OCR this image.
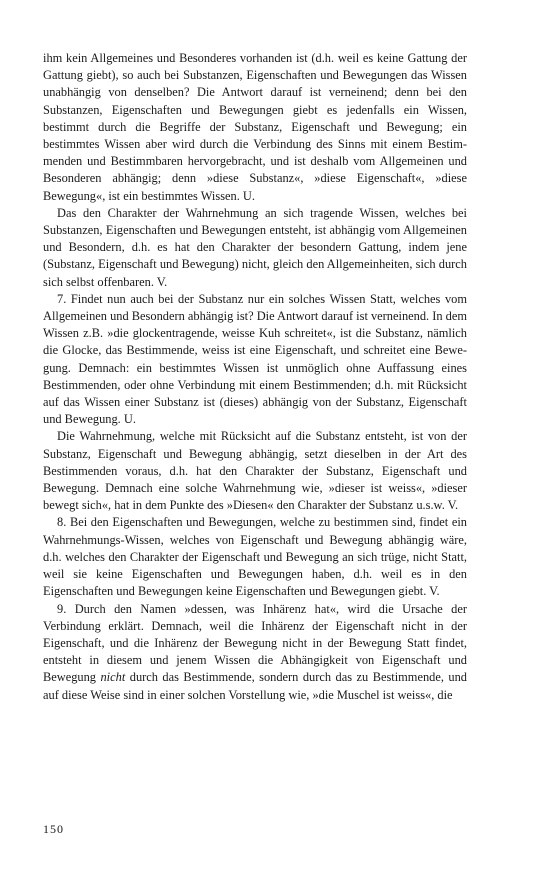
ihm kein Allgemeines und Besonderes vorhanden ist (d.h. weil es keine Gattung der Gattung giebt), so auch bei Substanzen, Eigenschaften und Bewegungen das Wissen unabhängig von denselben? Die Antwort darauf ist verneinend; denn bei den Substanzen, Eigenschaften und Bewegungen giebt es jedenfalls ein Wissen, bestimmt durch die Begriffe der Substanz, Eigenschaft und Bewegung; ein bestimmtes Wissen aber wird durch die Verbindung des Sinns mit einem Bestimmenden und Bestimmbaren hervorgebracht, und ist deshalb vom Allgemeinen und Besonderen abhängig; denn »diese Substanz«, »diese Eigenschaft«, »diese Bewegung«, ist ein bestimmtes Wissen. U.

Das den Charakter der Wahrnehmung an sich tragende Wissen, welches bei Substanzen, Eigenschaften und Bewegungen entsteht, ist abhängig vom Allgemeinen und Besondern, d.h. es hat den Charakter der besondern Gattung, indem jene (Substanz, Eigenschaft und Bewegung) nicht, gleich den Allgemeinheiten, sich durch sich selbst offenbaren. V.

7. Findet nun auch bei der Substanz nur ein solches Wissen Statt, welches vom Allgemeinen und Besondern abhängig ist? Die Antwort darauf ist verneinend. In dem Wissen z.B. »die glockentragende, weisse Kuh schreitet«, ist die Substanz, nämlich die Glocke, das Bestimmende, weiss ist eine Eigenschaft, und schreitet eine Bewegung. Demnach: ein bestimmtes Wissen ist unmöglich ohne Auffassung eines Bestimmenden, oder ohne Verbindung mit einem Bestimmenden; d.h. mit Rücksicht auf das Wissen einer Substanz ist (dieses) abhängig von der Substanz, Eigenschaft und Bewegung. U.

Die Wahrnehmung, welche mit Rücksicht auf die Substanz entsteht, ist von der Substanz, Eigenschaft und Bewegung abhängig, setzt dieselben in der Art des Bestimmenden voraus, d.h. hat den Charakter der Substanz, Eigenschaft und Bewegung. Demnach eine solche Wahrnehmung wie, »dieser ist weiss«, »dieser bewegt sich«, hat in dem Punkte des »Diesen« den Charakter der Substanz u.s.w. V.

8. Bei den Eigenschaften und Bewegungen, welche zu bestimmen sind, findet ein Wahrnehmungs-Wissen, welches von Eigenschaft und Bewegung abhängig wäre, d.h. welches den Charakter der Eigenschaft und Bewegung an sich trüge, nicht Statt, weil sie keine Eigenschaften und Bewegungen haben, d.h. weil es in den Eigenschaften und Bewegungen keine Eigenschaften und Bewegungen giebt. V.

9. Durch den Namen »dessen, was Inhärenz hat«, wird die Ursache der Verbindung erklärt. Demnach, weil die Inhärenz der Eigenschaft nicht in der Eigenschaft, und die Inhärenz der Bewegung nicht in der Bewegung Statt findet, entsteht in diesem und jenem Wissen die Abhängigkeit von Eigenschaft und Bewegung nicht durch das Bestimmende, sondern durch das zu Bestimmende, und auf diese Weise sind in einer solchen Vorstellung wie, »die Muschel ist weiss«, die

150
